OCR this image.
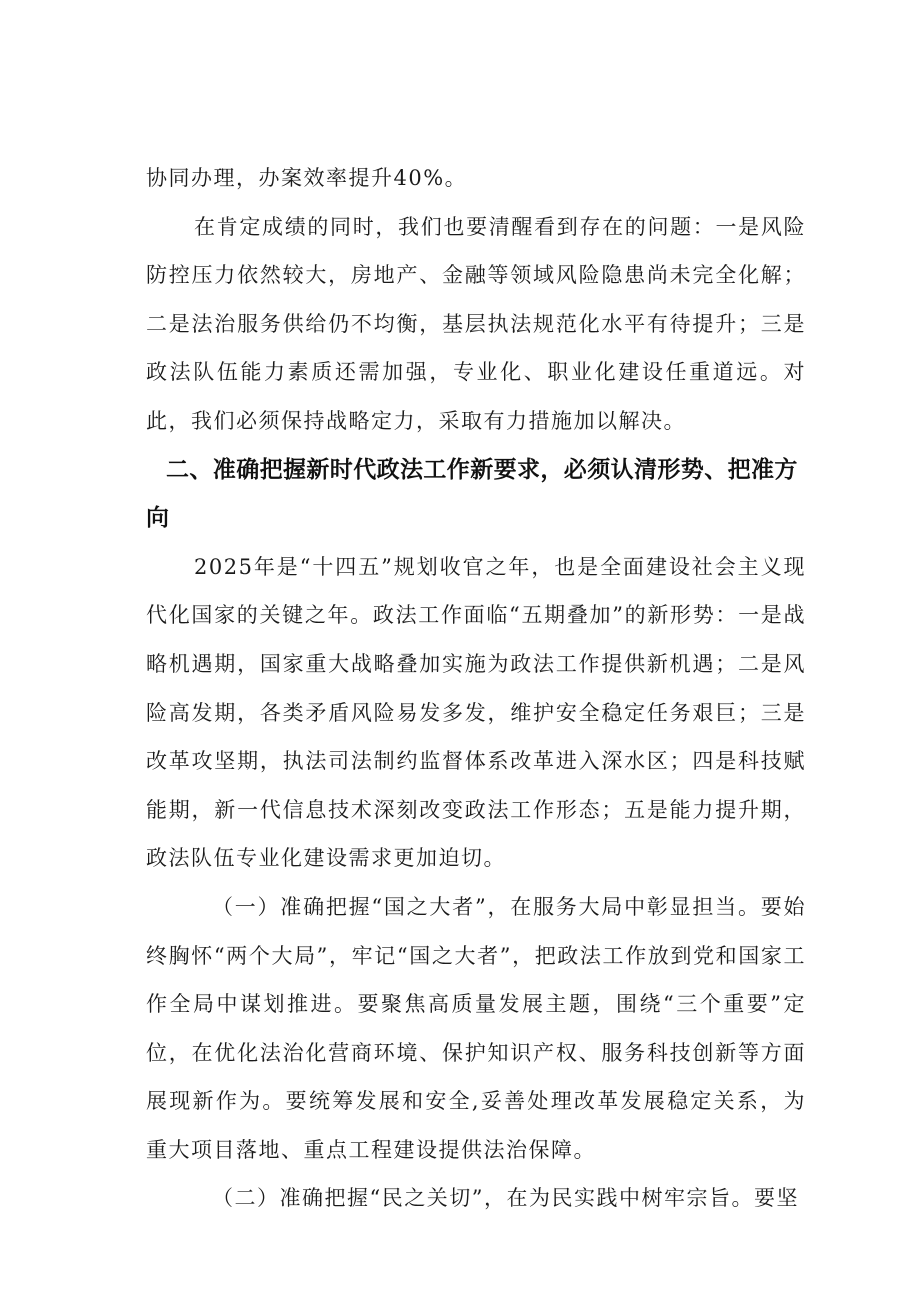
协同办理，办案效率提升40%。

在肯定成绩的同时，我们也要清醒看到存在的问题：一是风险防控压力依然较大，房地产、金融等领域风险隐患尚未完全化解；二是法治服务供给仍不均衡，基层执法规范化水平有待提升；三是政法队伍能力素质还需加强，专业化、职业化建设任重道远。对此，我们必须保持战略定力，采取有力措施加以解决。

二、准确把握新时代政法工作新要求，必须认清形势、把准方向

2025年是“十四五”规划收官之年，也是全面建设社会主义现代化国家的关键之年。政法工作面临“五期叠加”的新形势：一是战略机遇期，国家重大战略叠加实施为政法工作提供新机遇；二是风险高发期，各类矛盾风险易发多发，维护安全稳定任务艰巨；三是改革攻坚期，执法司法制约监督体系改革进入深水区；四是科技赋能期，新一代信息技术深刻改变政法工作形态；五是能力提升期，政法队伍专业化建设需求更加迫切。

（一）准确把握“国之大者”，在服务大局中彰显担当。要始终胸怀“两个大局”，牢记“国之大者”，把政法工作放到党和国家工作全局中谋划推进。要聚焦高质量发展主题，围绕“三个重要”定位，在优化法治化营商环境、保护知识产权、服务科技创新等方面展现新作为。要统筹发展和安全,妥善处理改革发展稳定关系，为重大项目落地、重点工程建设提供法治保障。

（二）准确把握“民之关切”，在为民实践中树牢宗旨。要坚
